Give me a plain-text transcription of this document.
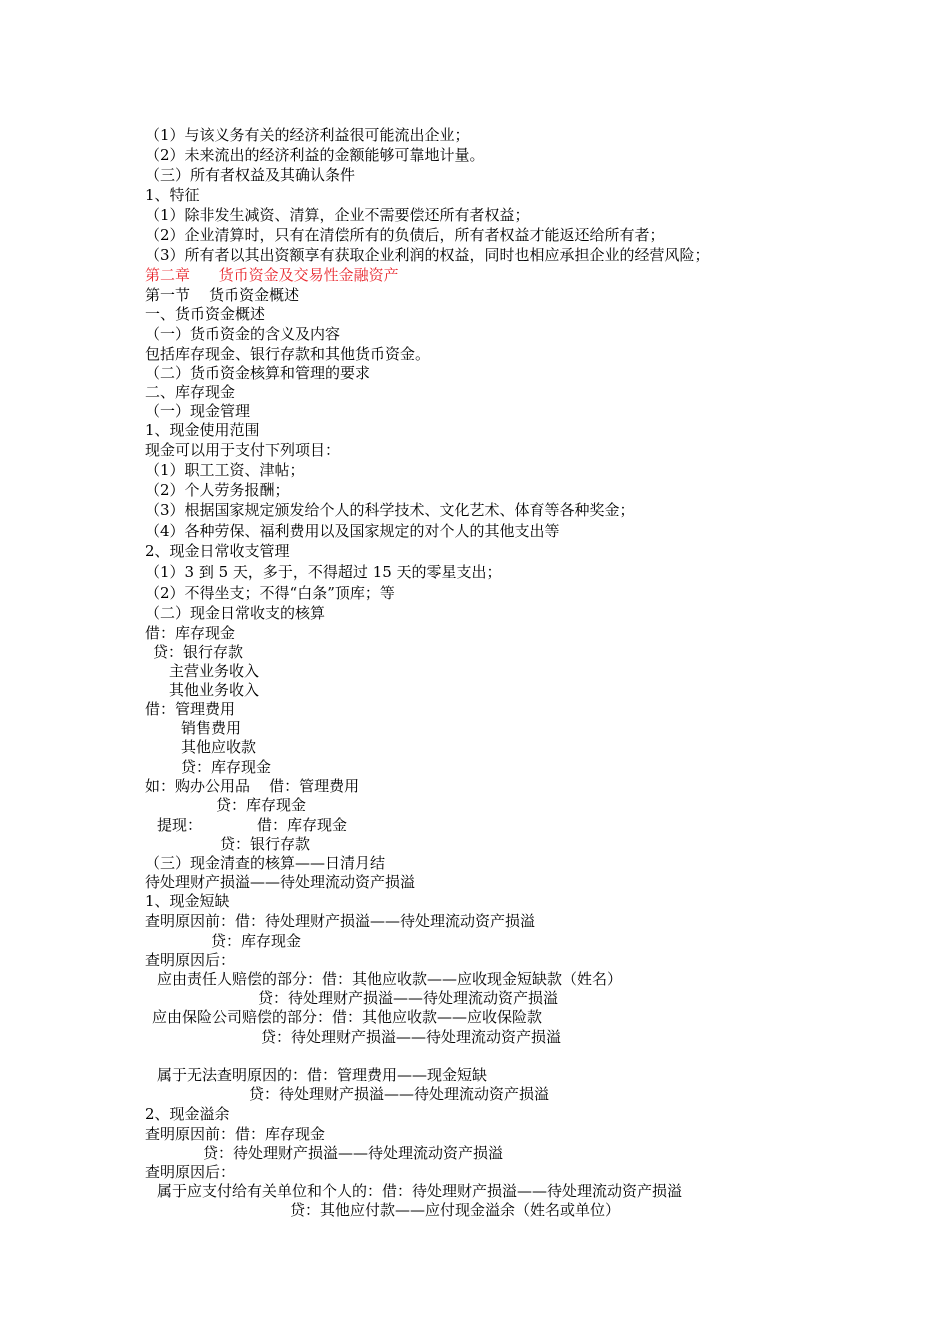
（1）与该义务有关的经济利益很可能流出企业；
（2）未来流出的经济利益的金额能够可靠地计量。
（三）所有者权益及其确认条件
1、特征
（1）除非发生减资、清算，企业不需要偿还所有者权益；
（2）企业清算时，只有在清偿所有的负债后，所有者权益才能返还给所有者；
（3）所有者以其出资额享有获取企业利润的权益，同时也相应承担企业的经营风险；
第二章      货币资金及交易性金融资产
第一节    货币资金概述
一、货币资金概述
（一）货币资金的含义及内容
包括库存现金、银行存款和其他货币资金。
（二）货币资金核算和管理的要求
二、库存现金
（一）现金管理
1、现金使用范围
现金可以用于支付下列项目：
（1）职工工资、津帖；
（2）个人劳务报酬；
（3）根据国家规定颁发给个人的科学技术、文化艺术、体育等各种奖金；
（4）各种劳保、福利费用以及国家规定的对个人的其他支出等
2、现金日常收支管理
（1）3 到 5 天，多于，不得超过 15 天的零星支出；
（2）不得坐支；不得“白条”顶库；等
（二）现金日常收支的核算
借：库存现金
贷：银行存款
主营业务收入
其他业务收入
借：管理费用
销售费用
其他应收款
贷：库存现金
如：购办公用品    借：管理费用
贷：库存现金
提现：	借：库存现金
贷：银行存款
（三）现金清查的核算——日清月结
待处理财产损溢——待处理流动资产损溢
1、现金短缺
查明原因前：借：待处理财产损溢——待处理流动资产损溢
贷：库存现金
查明原因后：
应由责任人赔偿的部分：借：其他应收款——应收现金短缺款（姓名）
贷：待处理财产损溢——待处理流动资产损溢
应由保险公司赔偿的部分：借：其他应收款——应收保险款
贷：待处理财产损溢——待处理流动资产损溢
属于无法查明原因的：借：管理费用——现金短缺
贷：待处理财产损溢——待处理流动资产损溢
2、现金溢余
查明原因前：借：库存现金
贷：待处理财产损溢——待处理流动资产损溢
查明原因后：
属于应支付给有关单位和个人的：借：待处理财产损溢——待处理流动资产损溢
贷：其他应付款——应付现金溢余（姓名或单位）
